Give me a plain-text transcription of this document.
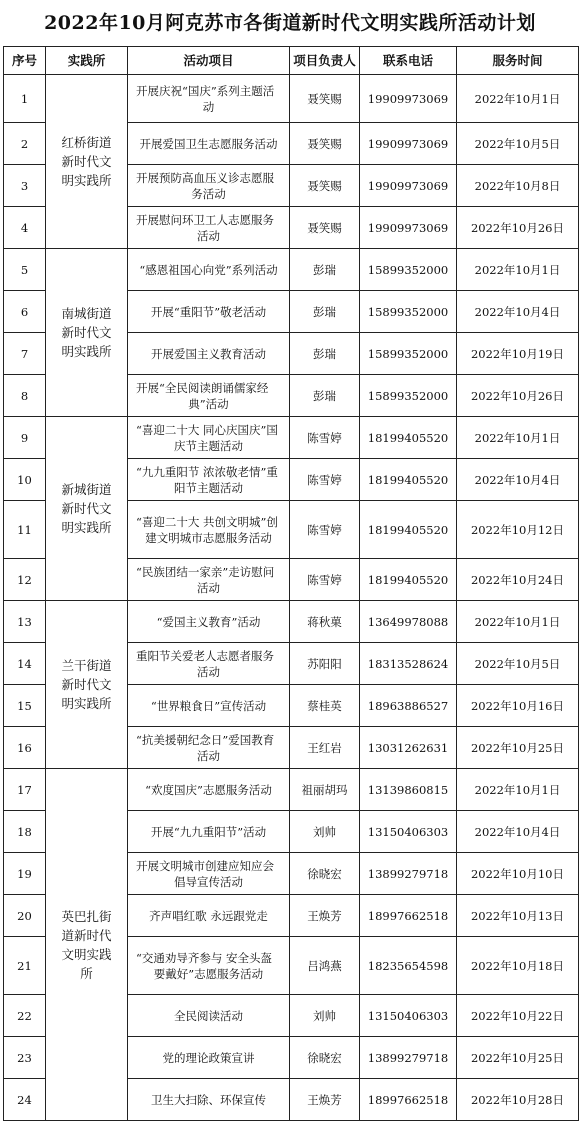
2022年10月阿克苏市各街道新时代文明实践所活动计划
序号	实践所	活动项目	项目负责人	联系电话	服务时间
1	红桥街道新时代文明实践所	开展庆祝“国庆”系列主题活动	聂笑赐	19909973069	2022年10月1日
2		开展爱国卫生志愿服务活动	聂笑赐	19909973069	2022年10月5日
3		开展预防高血压义诊志愿服务活动	聂笑赐	19909973069	2022年10月8日
4		开展慰问环卫工人志愿服务活动	聂笑赐	19909973069	2022年10月26日
5	南城街道新时代文明实践所	“感恩祖国心向党”系列活动	彭瑞	15899352000	2022年10月1日
6		开展“重阳节”敬老活动	彭瑞	15899352000	2022年10月4日
7		开展爱国主义教育活动	彭瑞	15899352000	2022年10月19日
8		开展“全民阅读朗诵儒家经典”活动	彭瑞	15899352000	2022年10月26日
9	新城街道新时代文明实践所	“喜迎二十大 同心庆国庆”国庆节主题活动	陈雪婷	18199405520	2022年10月1日
10		“九九重阳节 浓浓敬老情”重阳节主题活动	陈雪婷	18199405520	2022年10月4日
11		“喜迎二十大 共创文明城”创建文明城市志愿服务活动	陈雪婷	18199405520	2022年10月12日
12		“民族团结一家亲”走访慰问活动	陈雪婷	18199405520	2022年10月24日
13	兰干街道新时代文明实践所	“爱国主义教育”活动	蒋秋菓	13649978088	2022年10月1日
14		重阳节关爱老人志愿者服务活动	苏阳阳	18313528624	2022年10月5日
15		“世界粮食日”宣传活动	蔡桂英	18963886527	2022年10月16日
16		“抗美援朝纪念日”爱国教育活动	王红岩	13031262631	2022年10月25日
17	英巴扎街道新时代文明实践所	“欢度国庆”志愿服务活动	祖丽胡玛	13139860815	2022年10月1日
18		开展“九九重阳节”活动	刘帅	13150406303	2022年10月4日
19		开展文明城市创建应知应会倡导宣传活动	徐晓宏	13899279718	2022年10月10日
20		齐声唱红歌 永远跟党走	王焕芳	18997662518	2022年10月13日
21		“交通劝导齐参与 安全头盔要戴好”志愿服务活动	吕鸿燕	18235654598	2022年10月18日
22		全民阅读活动	刘帅	13150406303	2022年10月22日
23		党的理论政策宣讲	徐晓宏	13899279718	2022年10月25日
24		卫生大扫除、环保宣传	王焕芳	18997662518	2022年10月28日
